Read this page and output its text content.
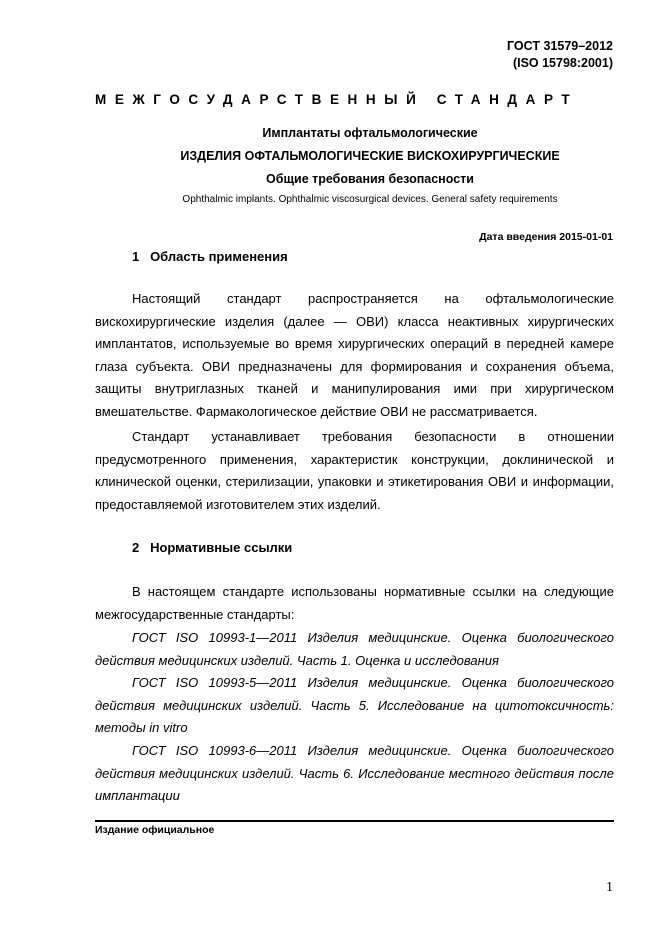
ГОСТ 31579–2012
(ISO 15798:2001)
МЕЖГОСУДАРСТВЕННЫЙ СТАНДАРТ
Имплантаты офтальмологические
ИЗДЕЛИЯ ОФТАЛЬМОЛОГИЧЕСКИЕ ВИСКОХИРУРГИЧЕСКИЕ
Общие требования безопасности
Ophthalmic implants. Ophthalmic viscosurgical devices. General safety requirements
Дата введения 2015-01-01
1   Область применения

Настоящий стандарт распространяется на офтальмологические вискохирургические изделия (далее — ОВИ) класса неактивных хирургических имплантатов, используемые во время хирургических операций в передней камере глаза субъекта. ОВИ предназначены для формирования и сохранения объема, защиты внутриглазных тканей и манипулирования ими при хирургическом вмешательстве. Фармакологическое действие ОВИ не рассматривается.

Стандарт устанавливает требования безопасности в отношении предусмотренного применения, характеристик конструкции, доклинической и клинической оценки, стерилизации, упаковки и этикетирования ОВИ и информации, предоставляемой изготовителем этих изделий.

2   Нормативные ссылки

В настоящем стандарте использованы нормативные ссылки на следующие межгосударственные стандарты:

ГОСТ ISO 10993-1—2011 Изделия медицинские. Оценка биологического действия медицинских изделий. Часть 1. Оценка и исследования

ГОСТ ISO 10993-5—2011 Изделия медицинские. Оценка биологического действия медицинских изделий. Часть 5. Исследование на цитотоксичность: методы in vitro

ГОСТ ISO 10993-6—2011 Изделия медицинские. Оценка биологического действия медицинских изделий. Часть 6. Исследование местного действия после имплантации

Издание официальное
1
